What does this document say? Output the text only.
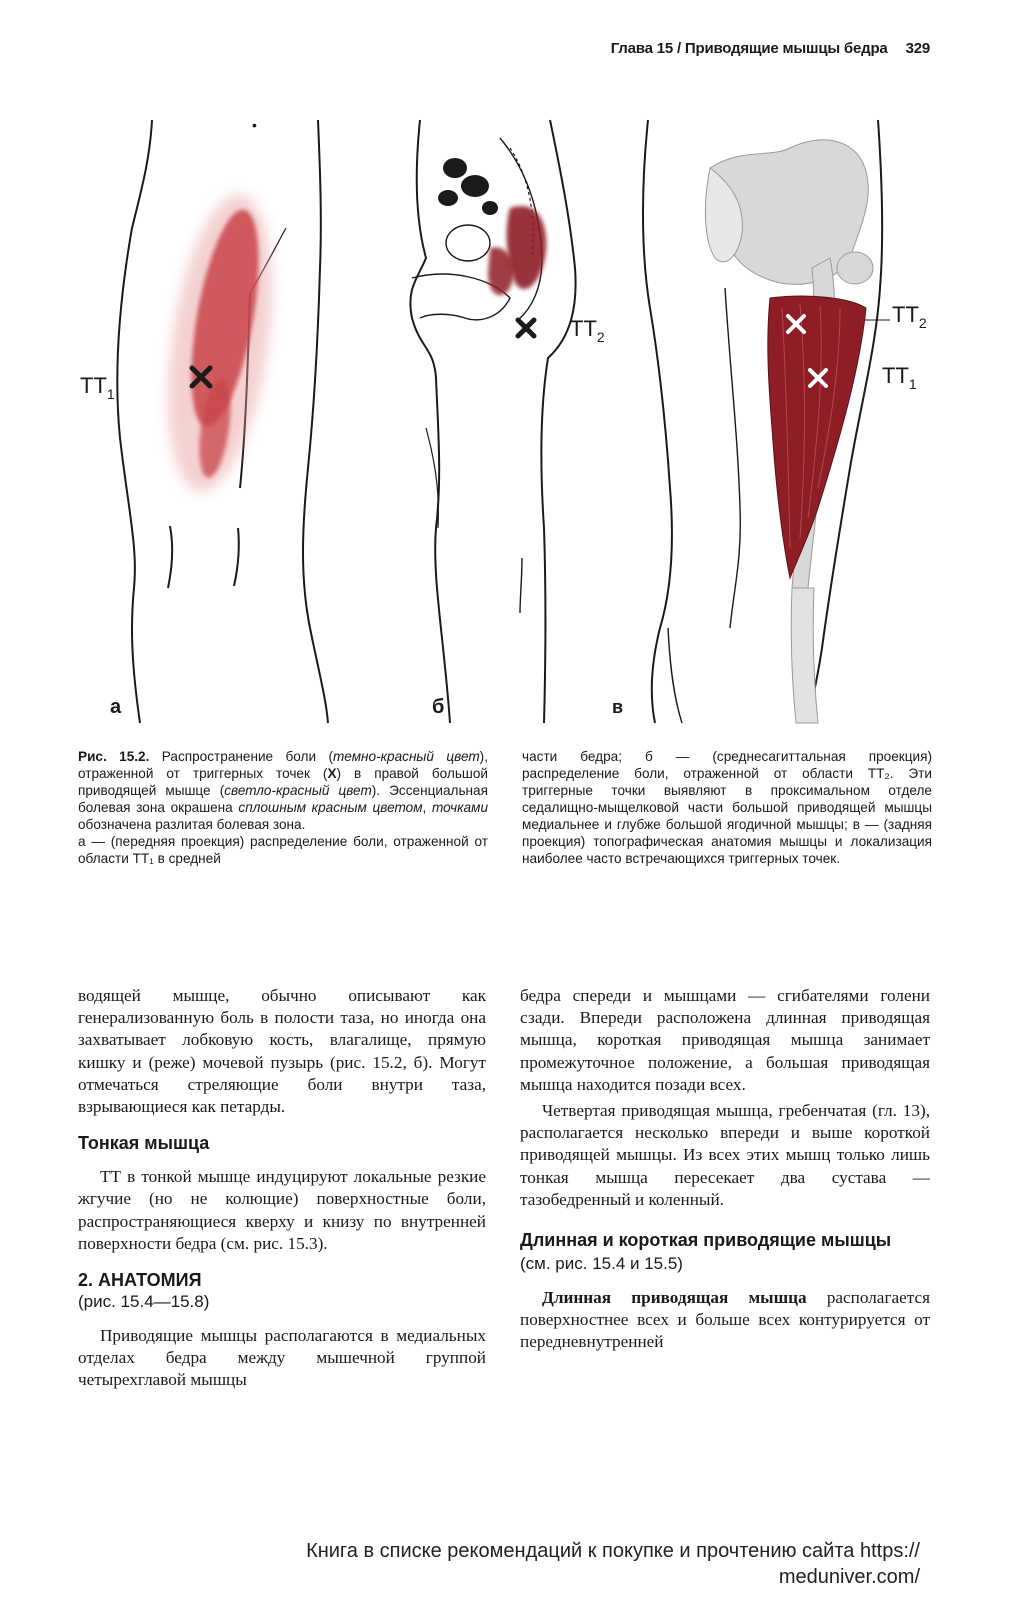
Глава 15 / Приводящие мышцы бедра 329
$ТТ_1$
а
•
$ТТ_2$
б
$ТТ_2$
$ТТ_1$
в
Рис. 15.2. Распространение боли (темно-красный цвет), отраженной от триггерных точек (X) в правой большой приводящей мышце (светло-красный цвет). Эссенциальная болевая зона окрашена сплошным красным цветом, точками обозначена разлитая болевая зона.
а — (передняя проекция) распределение боли, отраженной от области ТТ₁ в средней
части бедра; б — (среднесагиттальная проекция) распределение боли, отраженной от области ТТ₂. Эти триггерные точки выявляют в проксимальном отделе седалищно-мыщелковой части большой приводящей мышцы медиальнее и глубже большой ягодичной мышцы; в — (задняя проекция) топографическая анатомия мышцы и локализация наиболее часто встречающихся триггерных точек.

водящей мышце, обычно описывают как генерализованную боль в полости таза, но иногда она захватывает лобковую кость, влагалище, прямую кишку и (реже) мочевой пузырь (рис. 15.2, б). Могут отмечаться стреляющие боли внутри таза, взрывающиеся как петарды.

Тонкая мышца

ТТ в тонкой мышце индуцируют локальные резкие жгучие (но не колющие) поверхностные боли, распространяющиеся кверху и книзу по внутренней поверхности бедра (см. рис. 15.3).

2. АНАТОМИЯ

(рис. 15.4—15.8)

Приводящие мышцы располагаются в медиальных отделах бедра между мышечной группой четырехглавой мышцы

бедра спереди и мышцами — сгибателями голени сзади. Впереди расположена длинная приводящая мышца, короткая приводящая мышца занимает промежуточное положение, а большая приводящая мышца находится позади всех.

Четвертая приводящая мышца, гребенчатая (гл. 13), располагается несколько впереди и выше короткой приводящей мышцы. Из всех этих мышц только лишь тонкая мышца пересекает два сустава — тазобедренный и коленный.

Длинная и короткая приводящие мышцы

(см. рис. 15.4 и 15.5)

Длинная приводящая мышца располагается поверхностнее всех и больше всех контурируется от передневнутренней

Книга в списке рекомендаций к покупке и прочтению сайта https:// meduniver.com/
